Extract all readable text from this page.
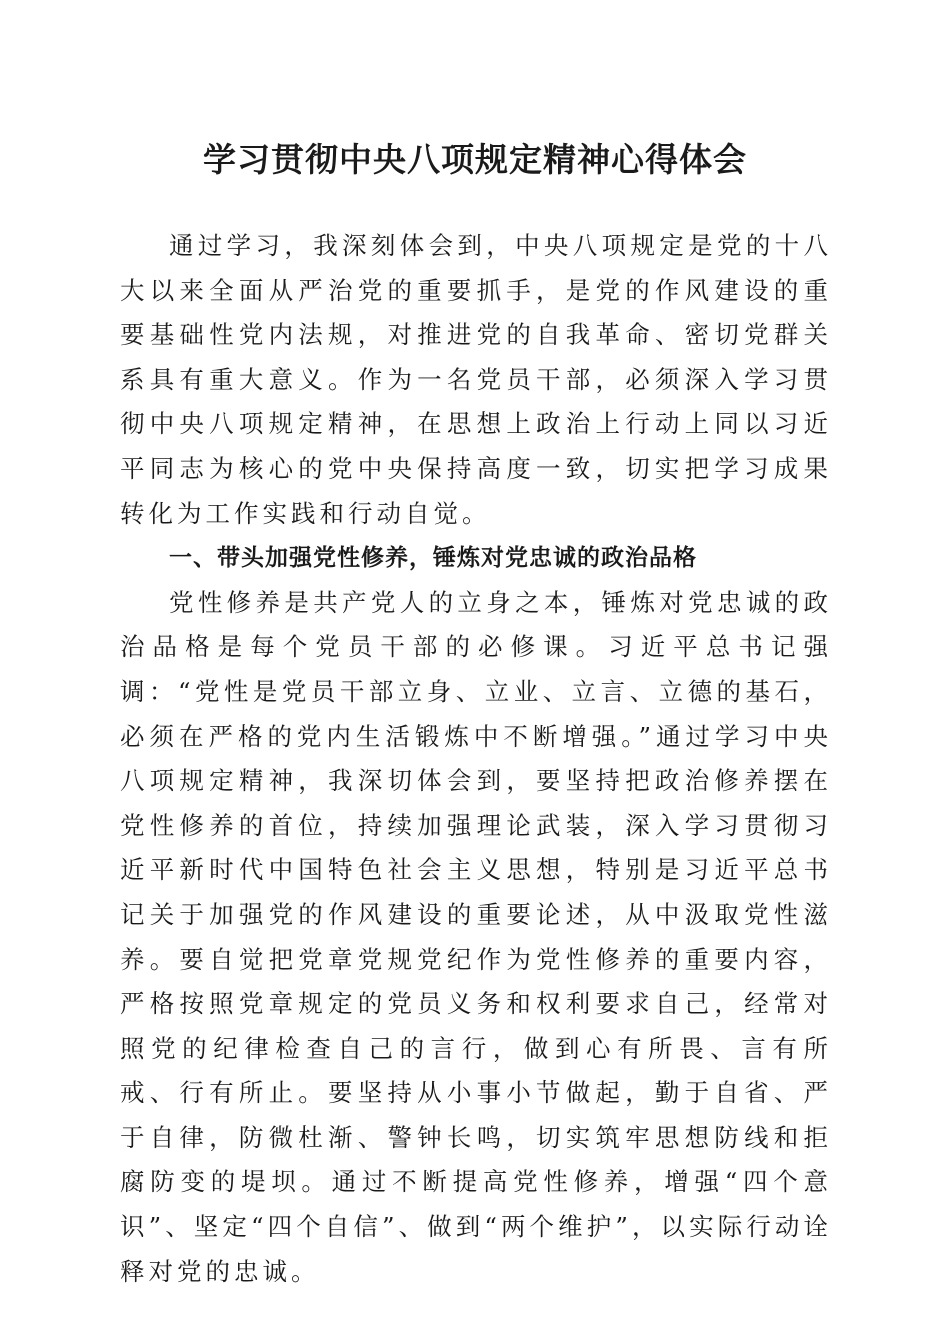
学习贯彻中央八项规定精神心得体会

通过学习，我深刻体会到，中央八项规定是党的十八大以来全面从严治党的重要抓手，是党的作风建设的重要基础性党内法规，对推进党的自我革命、密切党群关系具有重大意义。作为一名党员干部，必须深入学习贯彻中央八项规定精神，在思想上政治上行动上同以习近平同志为核心的党中央保持高度一致，切实把学习成果转化为工作实践和行动自觉。

一、带头加强党性修养，锤炼对党忠诚的政治品格

党性修养是共产党人的立身之本，锤炼对党忠诚的政治品格是每个党员干部的必修课。习近平总书记强调：“党性是党员干部立身、立业、立言、立德的基石，必须在严格的党内生活锻炼中不断增强。”通过学习中央八项规定精神，我深切体会到，要坚持把政治修养摆在党性修养的首位，持续加强理论武装，深入学习贯彻习近平新时代中国特色社会主义思想，特别是习近平总书记关于加强党的作风建设的重要论述，从中汲取党性滋养。要自觉把党章党规党纪作为党性修养的重要内容，严格按照党章规定的党员义务和权利要求自己，经常对照党的纪律检查自己的言行，做到心有所畏、言有所戒、行有所止。要坚持从小事小节做起，勤于自省、严于自律，防微杜渐、警钟长鸣，切实筑牢思想防线和拒腐防变的堤坝。通过不断提高党性修养，增强“四个意识”、坚定“四个自信”、做到“两个维护”，以实际行动诠释对党的忠诚。
